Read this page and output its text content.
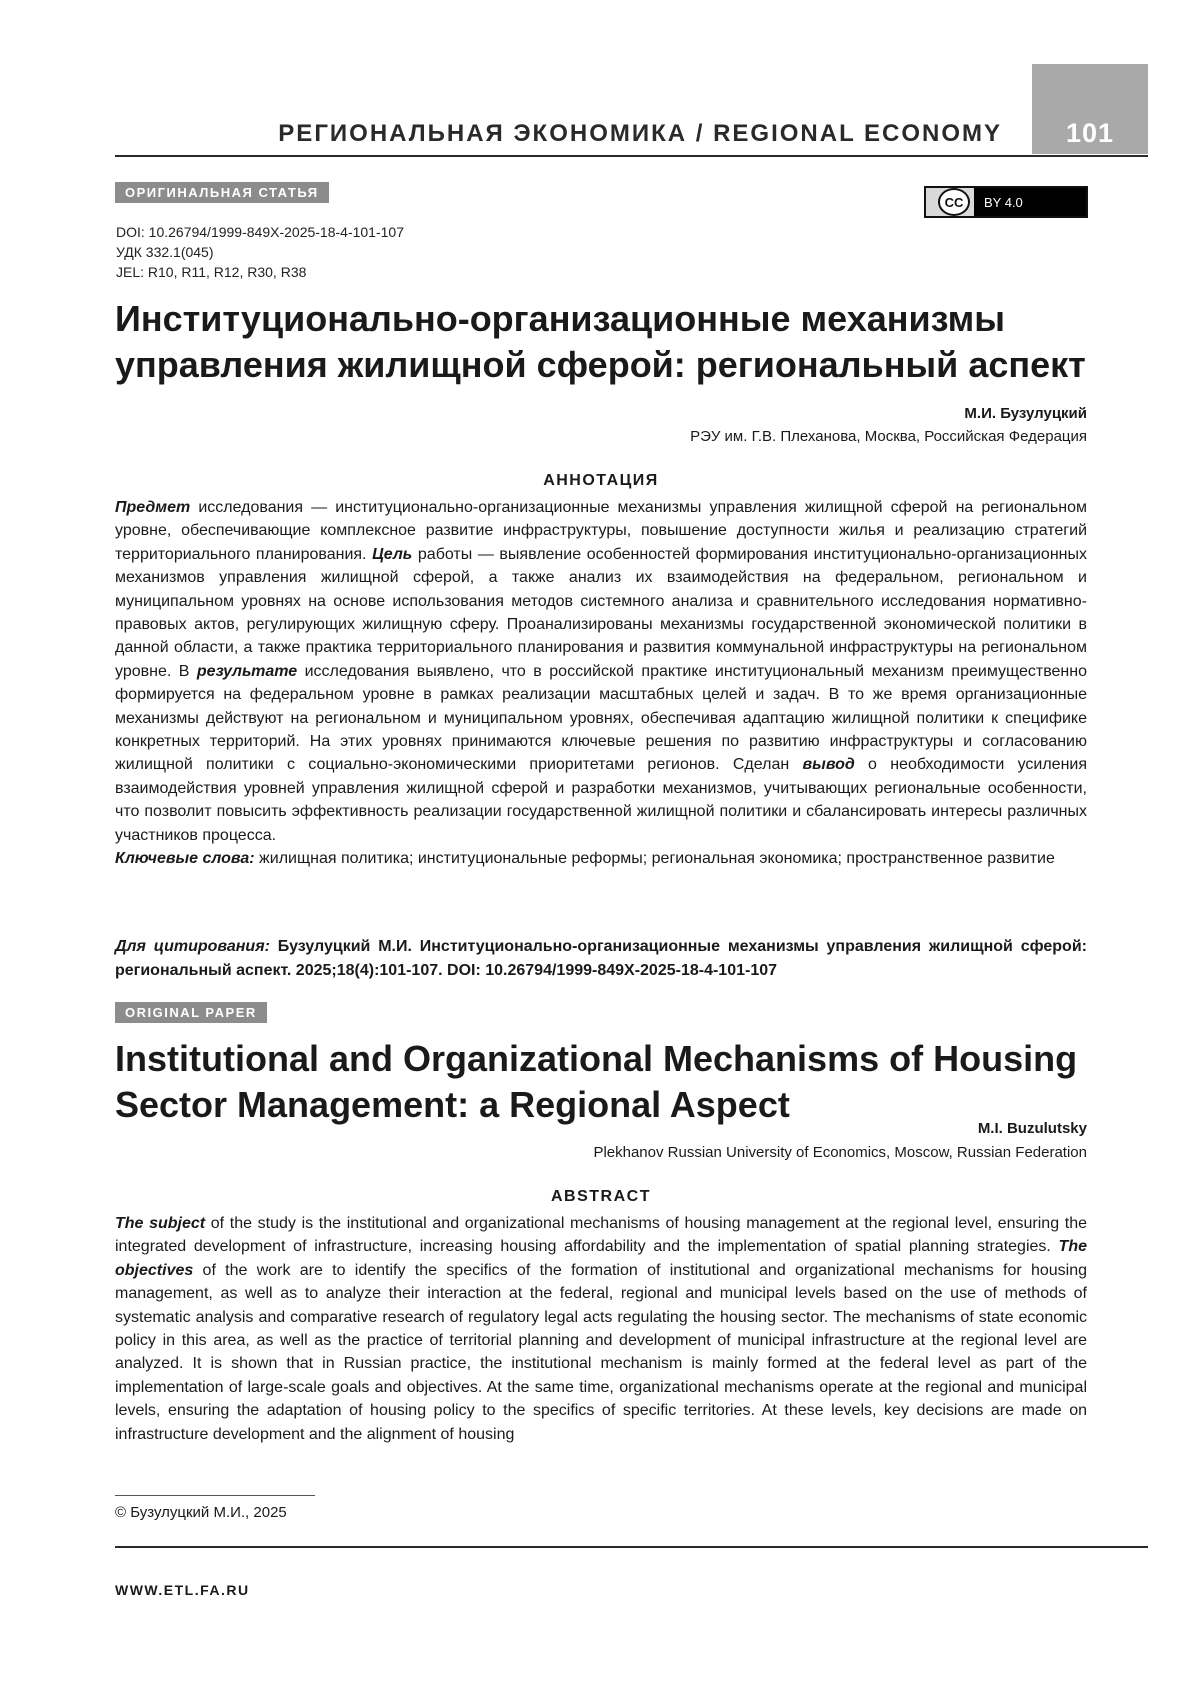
101
РЕГИОНАЛЬНАЯ ЭКОНОМИКА / REGIONAL ECONOMY
ОРИГИНАЛЬНАЯ СТАТЬЯ
CC	BY 4.0
DOI: 10.26794/1999-849X-2025-18-4-101-107
УДК 332.1(045)
JEL: R10, R11, R12, R30, R38
Институционально-организационные механизмы управления жилищной сферой: региональный аспект
М.И. Бузулуцкий
РЭУ им. Г.В. Плеханова, Москва, Российская Федерация
АННОТАЦИЯ
Предмет исследования — институционально-организационные механизмы управления жилищной сферой на региональном уровне, обеспечивающие комплексное развитие инфраструктуры, повышение доступности жилья и реализацию стратегий территориального планирования. Цель работы — выявление особенностей формирования институционально-организационных механизмов управления жилищной сферой, а также анализ их взаимодействия на федеральном, региональном и муниципальном уровнях на основе использования методов системного анализа и сравнительного исследования нормативно-правовых актов, регулирующих жилищную сферу. Проанализированы механизмы государственной экономической политики в данной области, а также практика территориального планирования и развития коммунальной инфраструктуры на региональном уровне. В результате исследования выявлено, что в российской практике институциональный механизм преимущественно формируется на федеральном уровне в рамках реализации масштабных целей и задач. В то же время организационные механизмы действуют на региональном и муниципальном уровнях, обеспечивая адаптацию жилищной политики к специфике конкретных территорий. На этих уровнях принимаются ключевые решения по развитию инфраструктуры и согласованию жилищной политики с социально-экономическими приоритетами регионов. Сделан вывод о необходимости усиления взаимодействия уровней управления жилищной сферой и разработки механизмов, учитывающих региональные особенности, что позволит повысить эффективность реализации государственной жилищной политики и сбалансировать интересы различных участников процесса.
Ключевые слова: жилищная политика; институциональные реформы; региональная экономика; пространственное развитие
Для цитирования: Бузулуцкий М.И. Институционально-организационные механизмы управления жилищной сферой: региональный аспект. 2025;18(4):101-107. DOI: 10.26794/1999-849X-2025-18-4-101-107
ORIGINAL PAPER
Institutional and Organizational Mechanisms of Housing Sector Management: a Regional Aspect
M.I. Buzulutsky
Plekhanov Russian University of Economics, Moscow, Russian Federation
ABSTRACT
The subject of the study is the institutional and organizational mechanisms of housing management at the regional level, ensuring the integrated development of infrastructure, increasing housing affordability and the implementation of spatial planning strategies. The objectives of the work are to identify the specifics of the formation of institutional and organizational mechanisms for housing management, as well as to analyze their interaction at the federal, regional and municipal levels based on the use of methods of systematic analysis and comparative research of regulatory legal acts regulating the housing sector. The mechanisms of state economic policy in this area, as well as the practice of territorial planning and development of municipal infrastructure at the regional level are analyzed. It is shown that in Russian practice, the institutional mechanism is mainly formed at the federal level as part of the implementation of large-scale goals and objectives. At the same time, organizational mechanisms operate at the regional and municipal levels, ensuring the adaptation of housing policy to the specifics of specific territories. At these levels, key decisions are made on infrastructure development and the alignment of housing
© Бузулуцкий М.И., 2025
WWW.ETL.FA.RU
